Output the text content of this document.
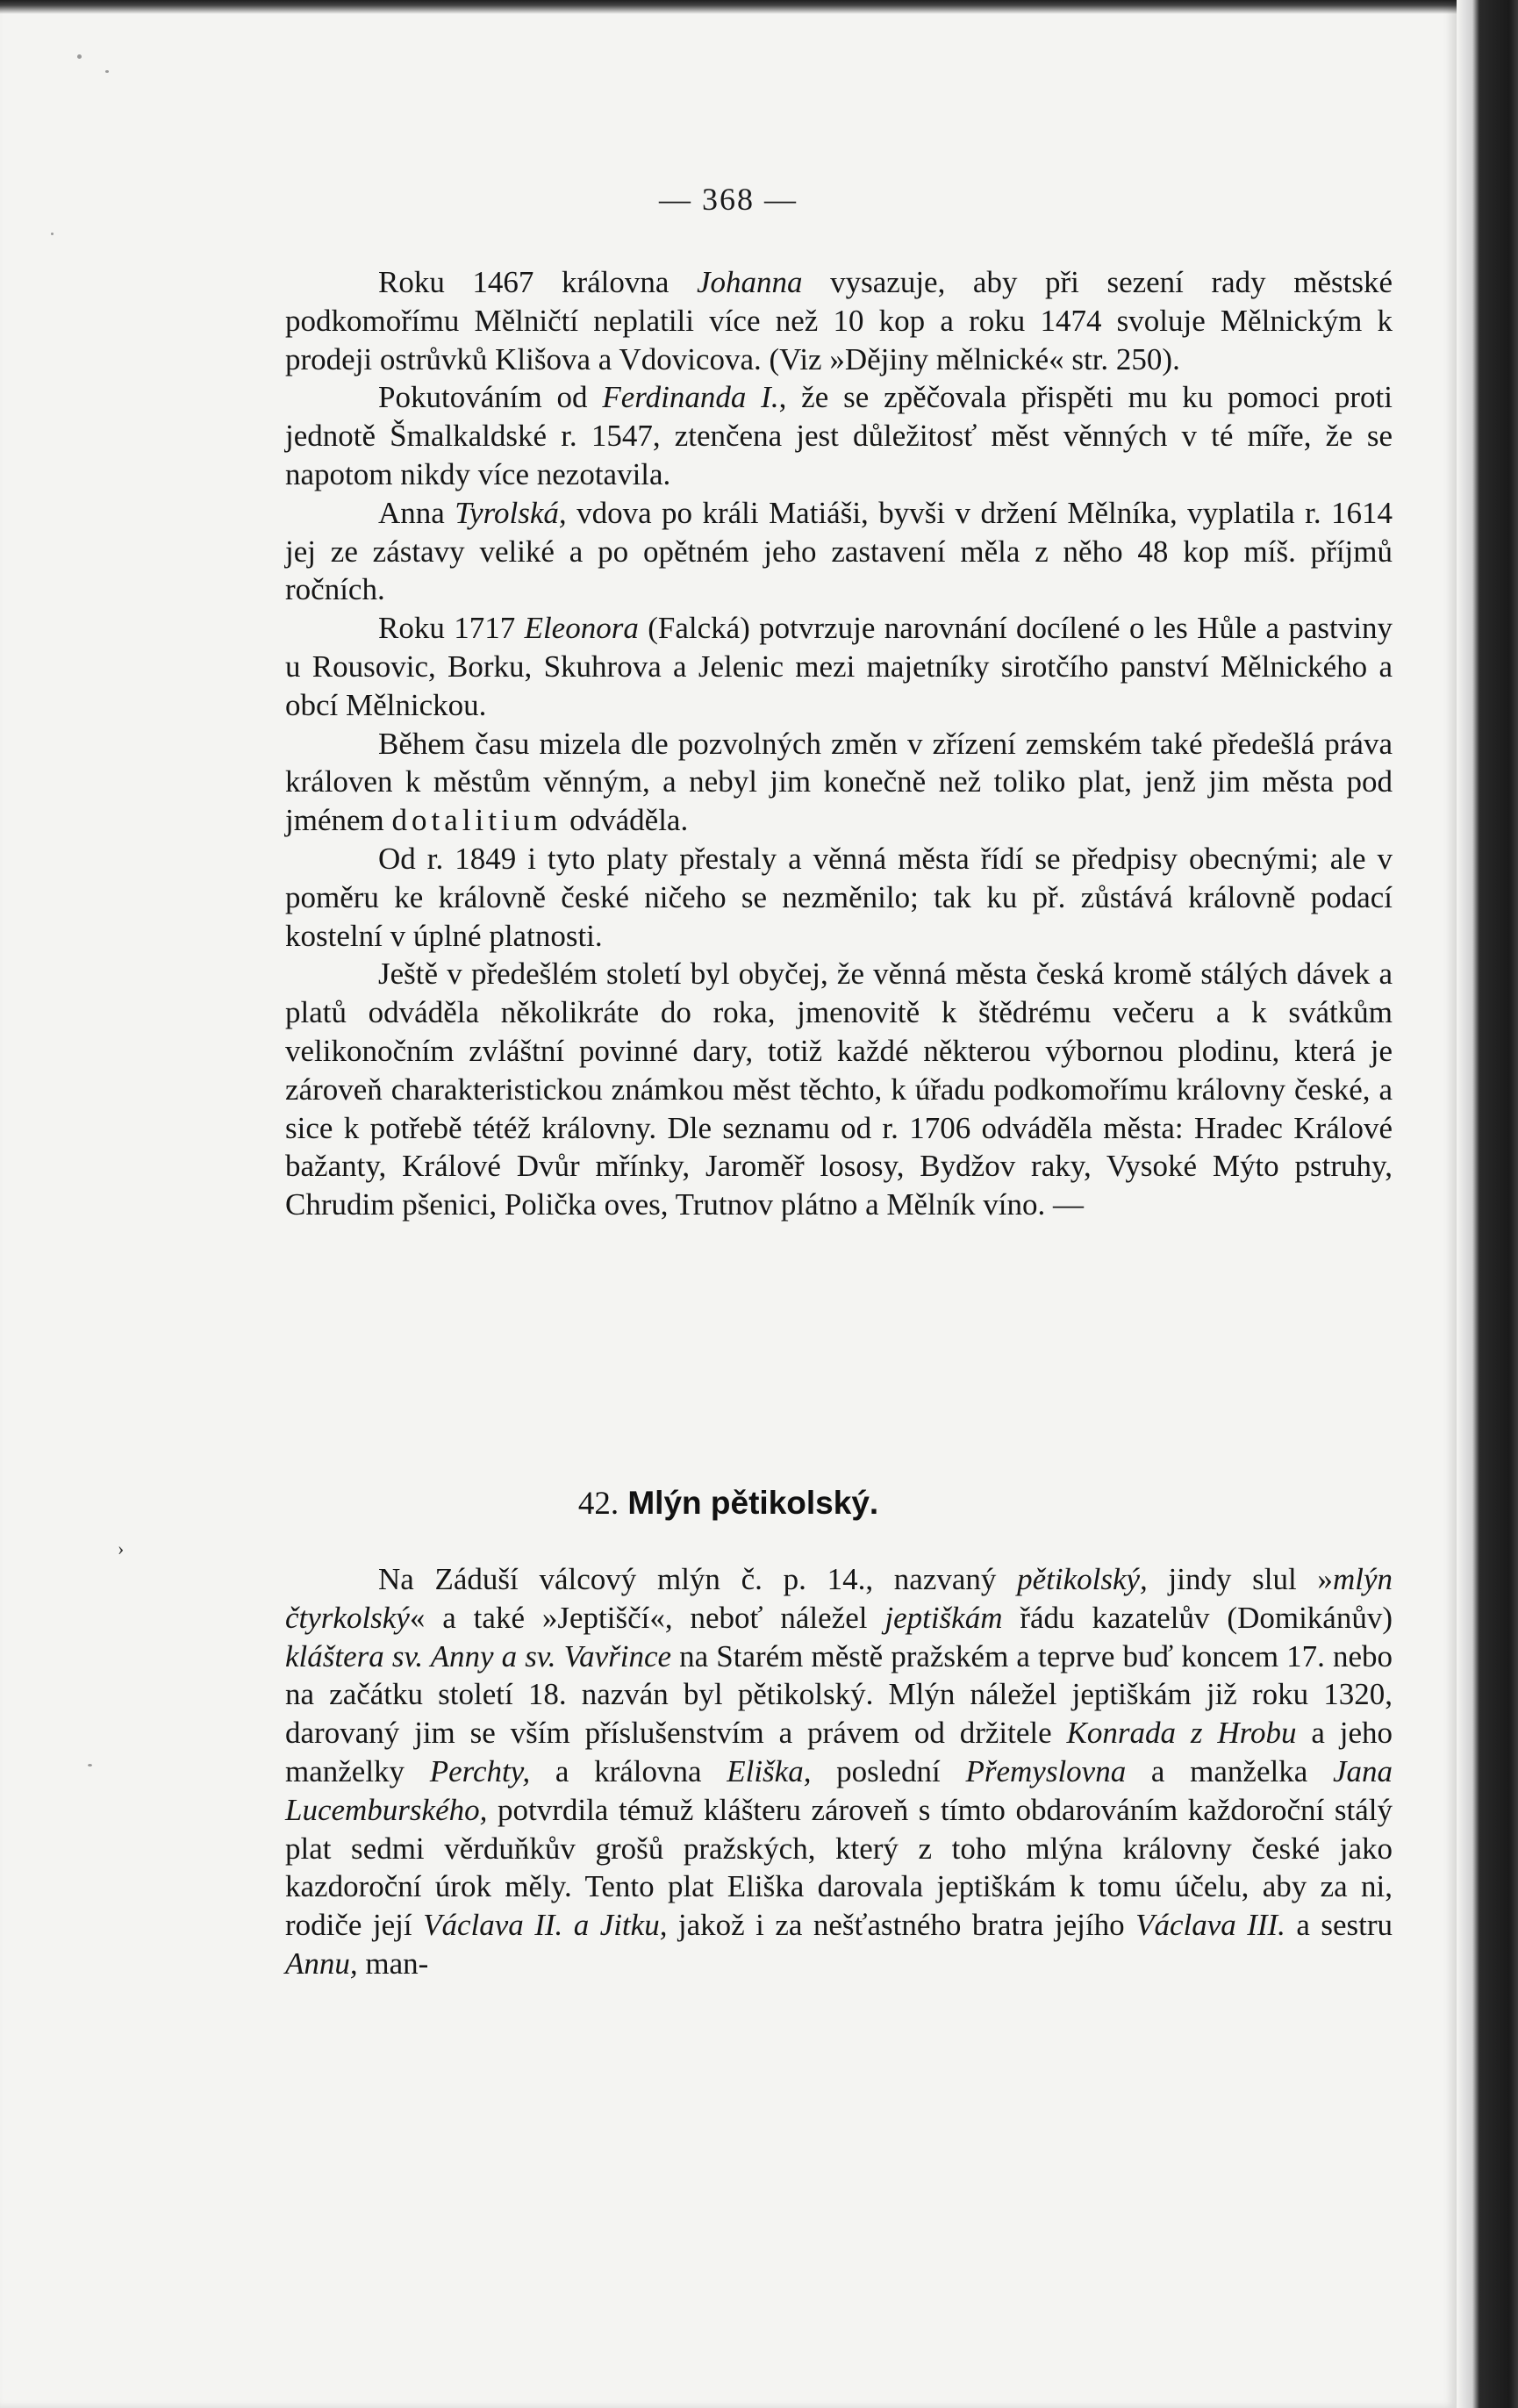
— 368 —

Roku 1467 královna Johanna vysazuje, aby při sezení rady městské podkomořímu Mělničtí neplatili více než 10 kop a roku 1474 svoluje Mělnickým k prodeji ostrůvků Klišova a Vdovicova. (Viz »Dějiny mělnické« str. 250).

Pokutováním od Ferdinanda I., že se zpěčovala přispěti mu ku pomoci proti jednotě Šmalkaldské r. 1547, ztenčena jest důležitosť měst věnných v té míře, že se napotom nikdy více nezotavila.

Anna Tyrolská, vdova po králi Matiáši, byvši v držení Mělníka, vyplatila r. 1614 jej ze zástavy veliké a po opětném jeho zastavení měla z něho 48 kop míš. příjmů ročních.

Roku 1717 Eleonora (Falcká) potvrzuje narovnání docílené o les Hůle a pastviny u Rousovic, Borku, Skuhrova a Jelenic mezi majetníky sirotčího panství Mělnického a obcí Mělnickou.

Během času mizela dle pozvolných změn v zřízení zemském také předešlá práva královen k městům věnným, a nebyl jim konečně než toliko plat, jenž jim města pod jménem dotalitium odváděla.

Od r. 1849 i tyto platy přestaly a věnná města řídí se předpisy obecnými; ale v poměru ke královně české ničeho se nezměnilo; tak ku př. zůstává královně podací kostelní v úplné platnosti.

Ještě v předešlém století byl obyčej, že věnná města česká kromě stálých dávek a platů odváděla několikráte do roka, jmenovitě k štědrému večeru a k svátkům velikonočním zvláštní povinné dary, totiž každé některou výbornou plodinu, která je zároveň charakteristickou známkou měst těchto, k úřadu podkomořímu královny české, a sice k potřebě tétéž královny. Dle seznamu od r. 1706 odváděla města: Hradec Králové bažanty, Králové Dvůr mřínky, Jaroměř lososy, Bydžov raky, Vysoké Mýto pstruhy, Chrudim pšenici, Polička oves, Trutnov plátno a Mělník víno. —

42. Mlýn pětikolský.
›

Na Záduší válcový mlýn č. p. 14., nazvaný pětikolský, jindy slul »mlýn čtyrkolský« a také »Jeptiščí«, neboť náležel jeptiškám řádu kazatelův (Domikánův) kláštera sv. Anny a sv. Vavřince na Starém městě pražském a teprve buď koncem 17. nebo na začátku století 18. nazván byl pětikolský. Mlýn náležel jeptiškám již roku 1320, darovaný jim se vším příslušenstvím a právem od držitele Konrada z Hrobu a jeho manželky Perchty, a královna Eliška, poslední Přemyslovna a manželka Jana Lucemburského, potvrdila témuž klášteru zároveň s tímto obdarováním každoroční stálý plat sedmi věrduňkův grošů pražských, který z toho mlýna královny české jako kazdoroční úrok měly. Tento plat Eliška darovala jeptiškám k tomu účelu, aby za ni, rodiče její Václava II. a Jitku, jakož i za nešťastného bratra jejího Václava III. a sestru Annu, man-
